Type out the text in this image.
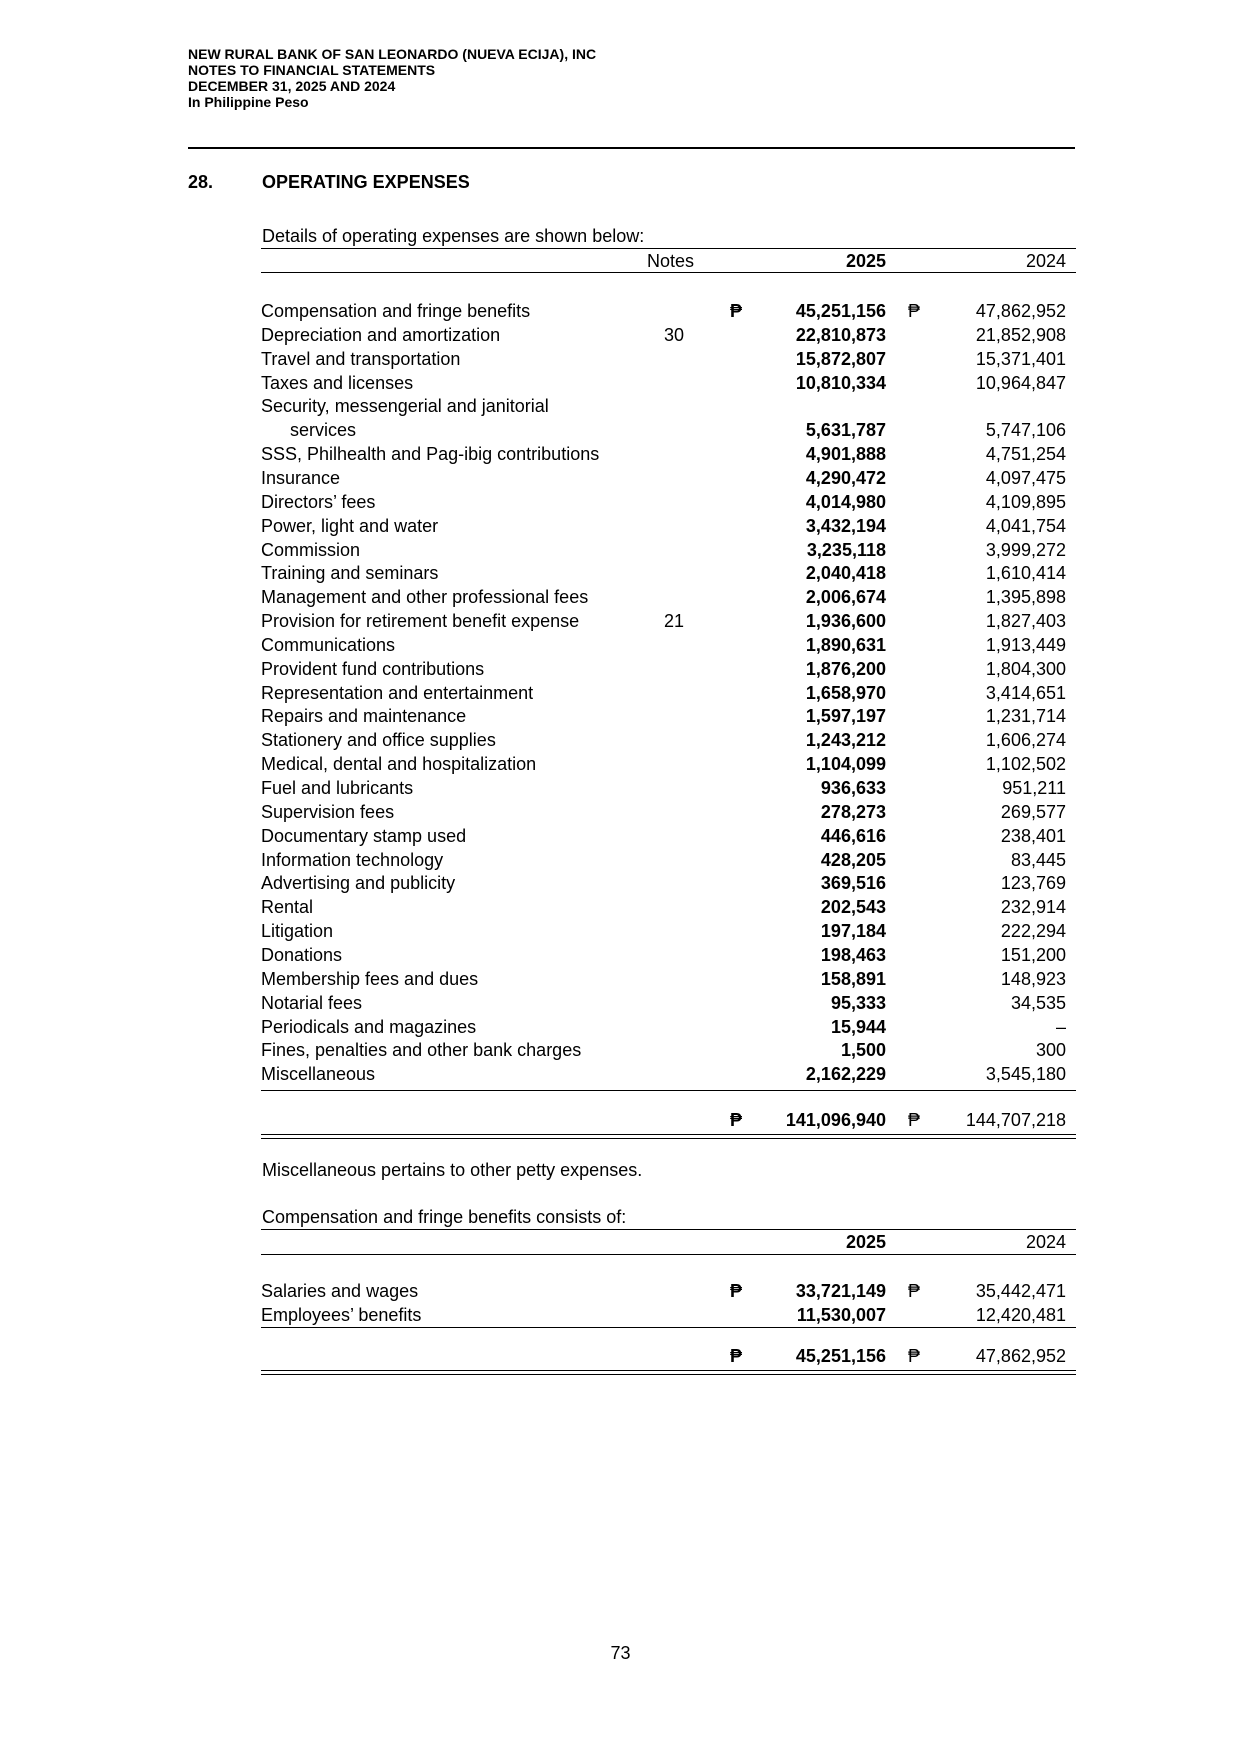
NEW RURAL BANK OF SAN LEONARDO (NUEVA ECIJA), INC
NOTES TO FINANCIAL STATEMENTS
DECEMBER 31, 2025 AND 2024
In Philippine Peso
28.	OPERATING EXPENSES
Details of operating expenses are shown below:
Notes	2025	2024
Compensation and fringe benefits	₱	45,251,156 ₱	47,862,952
Depreciation and amortization	30	22,810,873	21,852,908
Travel and transportation	15,872,807	15,371,401
Taxes and licenses	10,810,334	10,964,847
Security, messengerial and janitorial
services	5,631,787	5,747,106
SSS, Philhealth and Pag-ibig contributions	4,901,888	4,751,254
Insurance	4,290,472	4,097,475
Directors’ fees	4,014,980	4,109,895
Power, light and water	3,432,194	4,041,754
Commission	3,235,118	3,999,272
Training and seminars	2,040,418	1,610,414
Management and other professional fees	2,006,674	1,395,898
Provision for retirement benefit expense	21	1,936,600	1,827,403
Communications	1,890,631	1,913,449
Provident fund contributions	1,876,200	1,804,300
Representation and entertainment	1,658,970	3,414,651
Repairs and maintenance	1,597,197	1,231,714
Stationery and office supplies	1,243,212	1,606,274
Medical, dental and hospitalization	1,104,099	1,102,502
Fuel and lubricants	936,633	951,211
Supervision fees	278,273	269,577
Documentary stamp used	446,616	238,401
Information technology	428,205	83,445
Advertising and publicity	369,516	123,769
Rental	202,543	232,914
Litigation	197,184	222,294
Donations	198,463	151,200
Membership fees and dues	158,891	148,923
Notarial fees	95,333	34,535
Periodicals and magazines	15,944	–
Fines, penalties and other bank charges	1,500	300
Miscellaneous	2,162,229	3,545,180
₱ 141,096,940 ₱	144,707,218
Miscellaneous pertains to other petty expenses.
Compensation and fringe benefits consists of:
2025	2024
Salaries and wages	₱	33,721,149 ₱	35,442,471
Employees’ benefits	11,530,007	12,420,481
₱	45,251,156 ₱	47,862,952
73
